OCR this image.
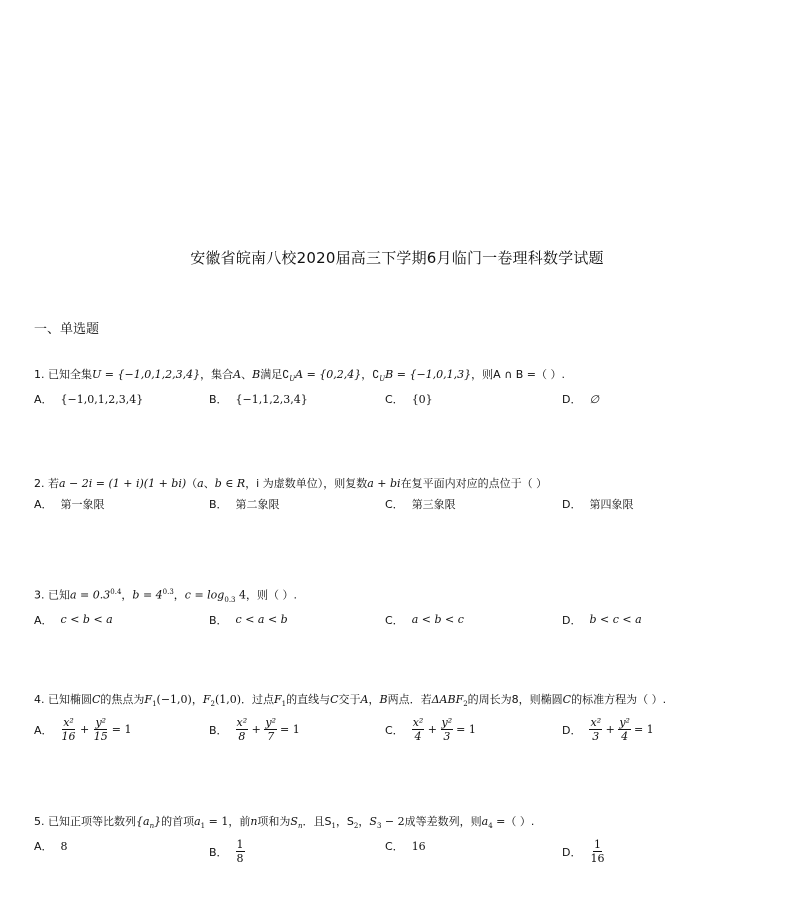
安徽省皖南八校2020届高三下学期6月临门一卷理科数学试题
一、单选题
1. 已知全集U = {−1,0,1,2,3,4}，集合A、B满足$∁_UA = \{0,2,4\}$，$∁_UB = \{-1,0,1,3\}$，则A ∩ B =（ ）.
A． {−1,0,1,2,3,4}	B． {−1,1,2,3,4}	C． {0}	D． ∅
2. 若a − 2i = (1 + i)(1 + bi)（a、b ∈ R，i 为虚数单位），则复数a + bi在复平面内对应的点位于（ ）
A． 第一象限	B． 第二象限	C． 第三象限	D． 第四象限
3. 已知$a = 0.3^{0.4}$，$b = 4^{0.3}$，$c = \log_{0.3} 4$，则（ ）.
A． c < b < a	B． c < a < b	C． a < b < c	D． b < c < a
4. 已知椭圆C的焦点为$F_1(-1,0)$，$F_2(1,0)$．过点$F_1$的直线与C交于A，B两点．若$\Delta ABF_2$的周长为8，则椭圆C的标准方程为（ ）.
A． $\frac{\text{x²}}{16} + \frac{\text{y²}}{15} = 1$	B． $\frac{\text{x²}}{8} + \frac{\text{y²}}{7} = 1$	C． $\frac{\text{x²}}{4} + \frac{\text{y²}}{3} = 1$	D． $\frac{\text{x²}}{3} + \frac{\text{y²}}{4} = 1$
5. 已知正项等比数列$\{a_n\}$的首项$a_1 = 1$，前n项和为$S_n$．且$S_1$，$S_2$，$S_3 - 2$成等差数列，则$a_4$ =（ ）.
A． 8	B． $\frac{1}{8}$	C． 16	D． $\frac{1}{16}$
